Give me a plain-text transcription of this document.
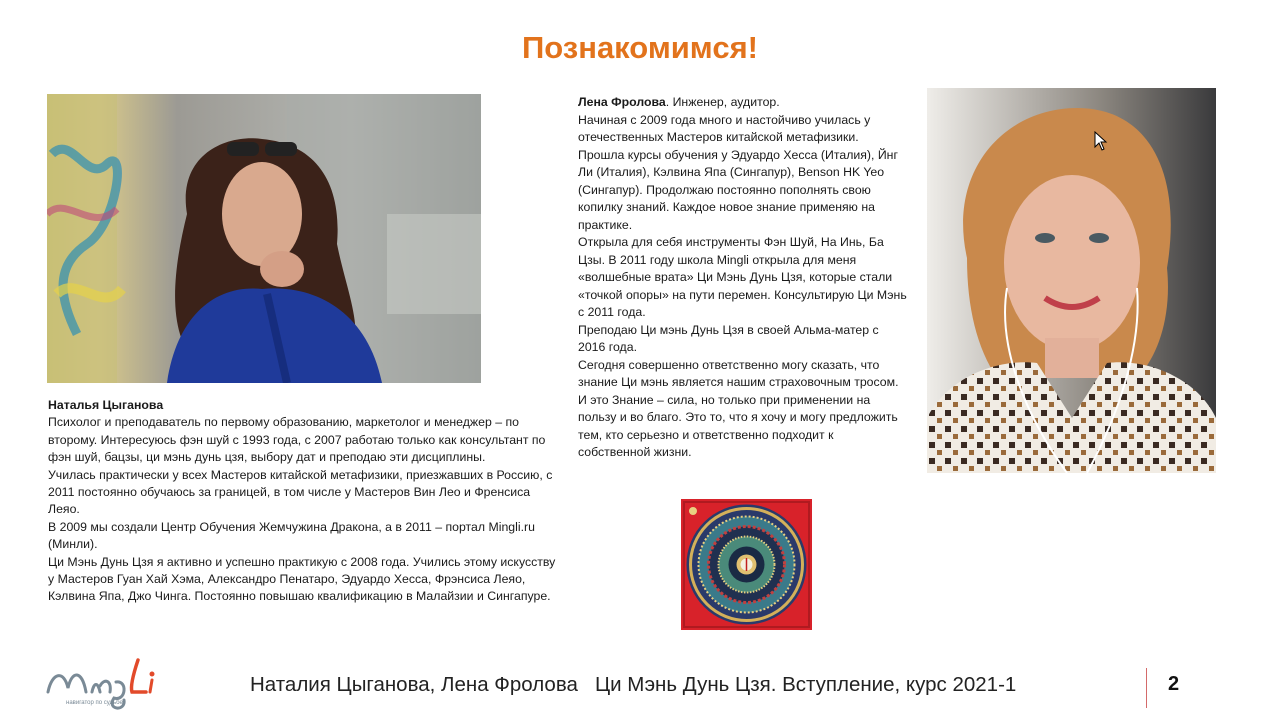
Познакомимся!
Наталья Цыганова

Психолог и преподаватель по первому образованию, маркетолог и менеджер – по второму. Интересуюсь фэн шуй с 1993 года, с 2007 работаю только как консультант по фэн шуй, бацзы, ци мэнь дунь цзя, выбору дат и преподаю эти дисциплины.

Училась практически у всех Мастеров китайской метафизики, приезжавших в Россию, с 2011 постоянно обучаюсь за границей, в том числе у Мастеров Вин Лео и Френсиса Леяо.

В 2009 мы создали Центр Обучения Жемчужина Дракона, а в 2011 – портал Mingli.ru (Минли).

Ци Мэнь Дунь Цзя я активно и успешно практикую с 2008 года. Учились этому искусству у Мастеров Гуан Хай Хэма, Александро Пенатаро, Эдуардо Хесса, Фрэнсиса Леяо, Кэлвина Япа, Джо Чинга. Постоянно повышаю квалификацию в Малайзии и Сингапуре.

Лена Фролова. Инженер, аудитор.

Начиная с 2009 года много и настойчиво училась у отечественных Мастеров китайской метафизики. Прошла курсы обучения у Эдуардо Хесса (Италия), Йнг Ли (Италия), Кэлвина Япа (Сингапур), Benson HK Yeo (Сингапур). Продолжаю постоянно пополнять свою копилку знаний. Каждое новое знание применяю на практике.

Открыла для себя инструменты Фэн Шуй, На Инь, Ба Цзы. В 2011 году школа Mingli открыла для меня «волшебные врата» Ци Мэнь Дунь Цзя, которые стали «точкой опоры» на пути перемен. Консультирую Ци Мэнь с 2011 года.

Преподаю Ци мэнь Дунь Цзя в своей Альма-матер с 2016 года.

Сегодня совершенно ответственно могу сказать, что знание Ци мэнь является нашим страховочным тросом. И это Знание – сила, но только при применении на пользу и во благо. Это то, что я хочу и могу предложить тем, кто серьезно и ответственно подходит к собственной жизни.

навигатор по судьбе
Наталия Цыганова, Лена Фролова   Ци Мэнь Дунь Цзя. Вступление, курс 2021-1	2
